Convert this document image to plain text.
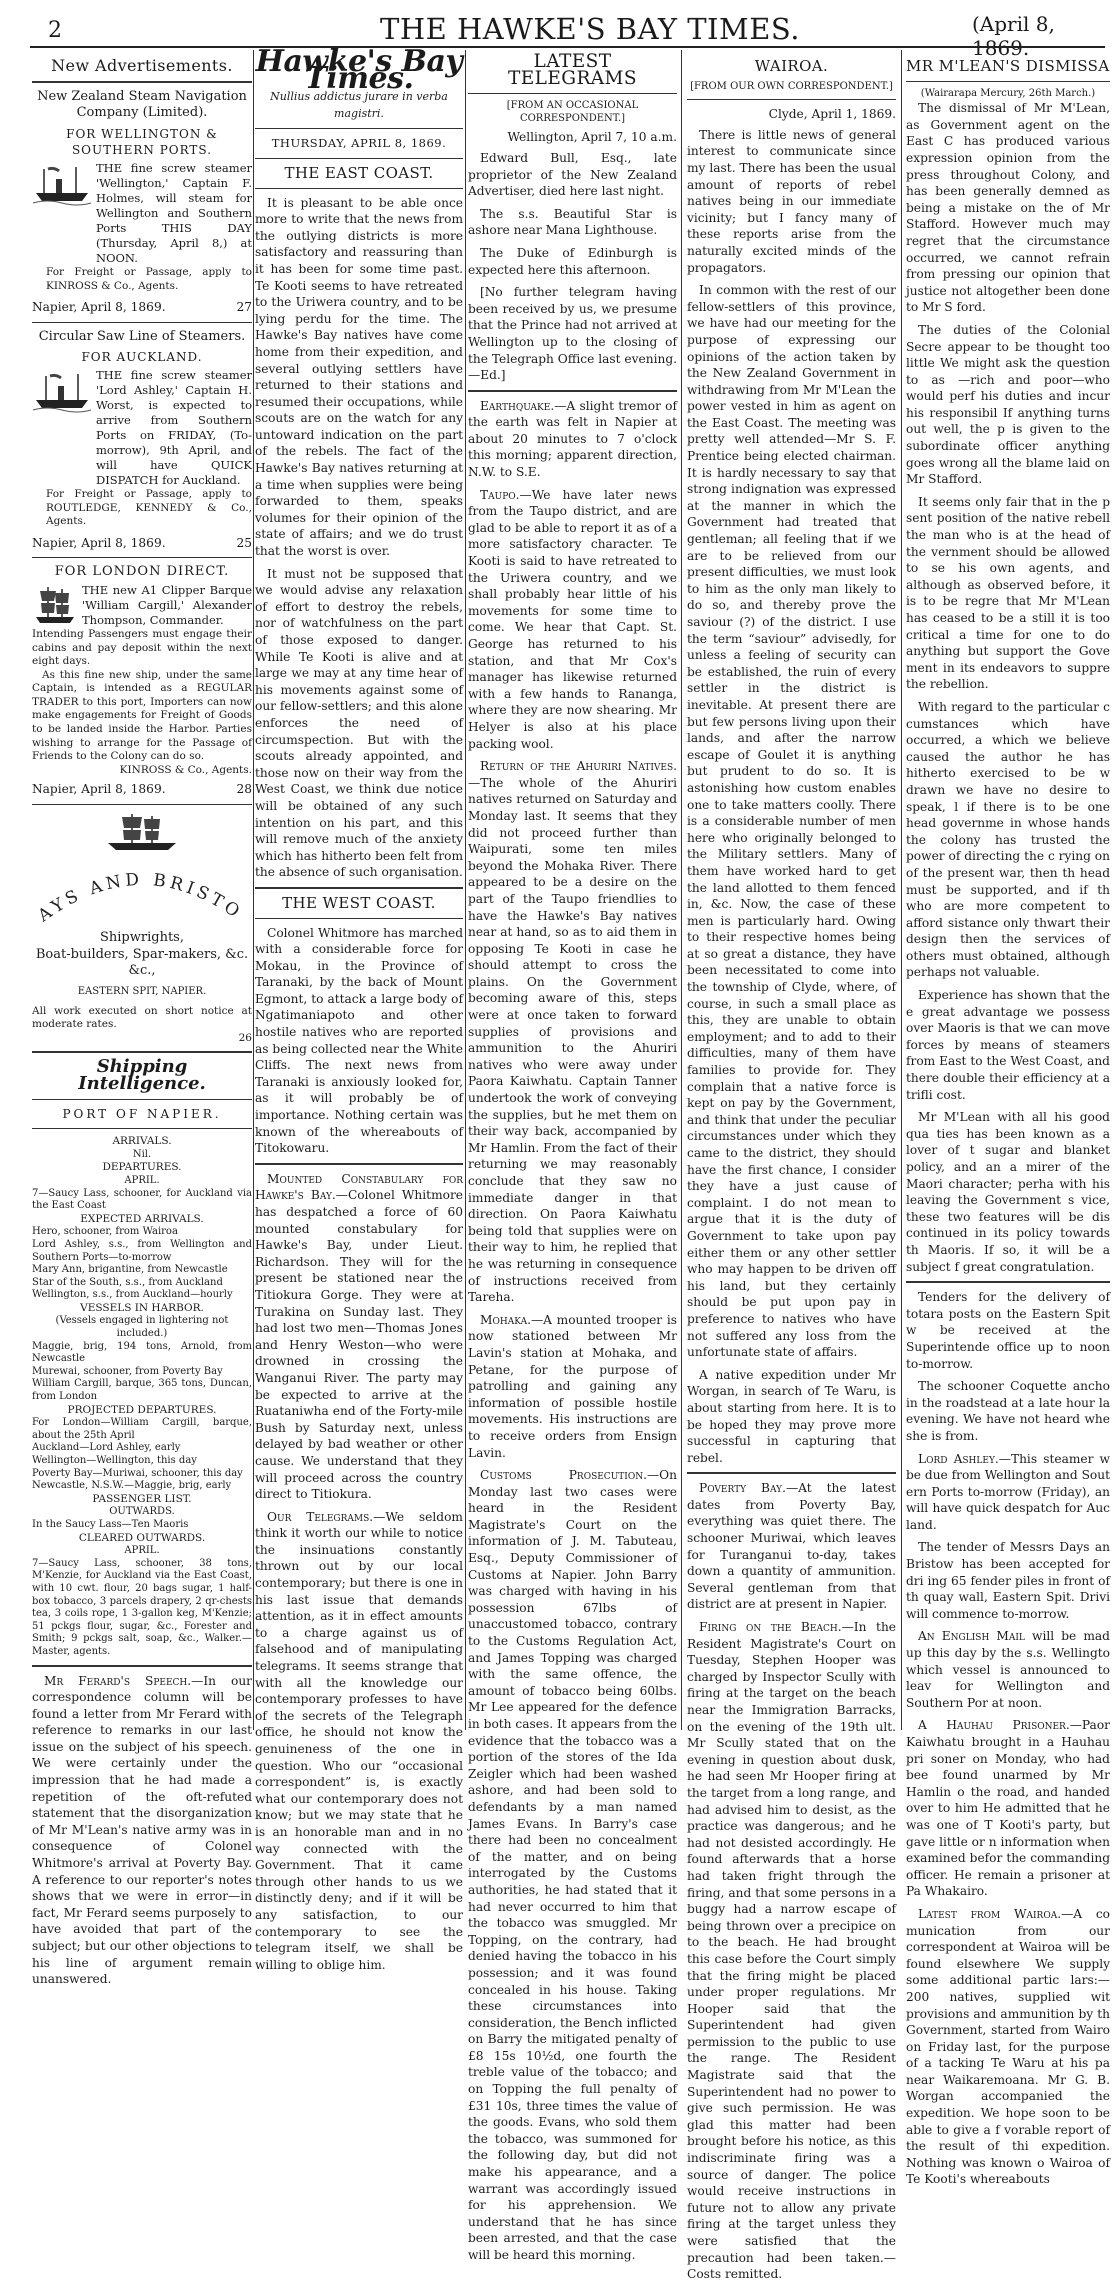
2	THE HAWKE'S BAY TIMES.	(April 8, 1869.
New Advertisements.
New Zealand Steam Navigation Company (Limited).
FOR WELLINGTON & SOUTHERN PORTS.
THE fine screw steamer 'Wellington,' Captain F. Holmes, will steam for Wellington and Southern Ports THIS DAY (Thursday, April 8,) at NOON.
For Freight or Passage, apply to KINROSS & Co., Agents.
Napier, April 8, 1869.	27
Circular Saw Line of Steamers.
FOR AUCKLAND.
THE fine screw steamer 'Lord Ashley,' Captain H. Worst, is expected to arrive from Southern Ports on FRIDAY, (To-morrow), 9th April, and will have QUICK DISPATCH for Auckland.
For Freight or Passage, apply to ROUTLEDGE, KENNEDY & Co., Agents.
Napier, April 8, 1869.	25
FOR LONDON DIRECT.
THE new A1 Clipper Barque 'William Cargill,' Alexander Thompson, Commander.
Intending Passengers must engage their cabins and pay deposit within the next eight days.
As this fine new ship, under the same Captain, is intended as a REGULAR TRADER to this port, Importers can now make engagements for Freight of Goods to be landed inside the Harbor. Parties wishing to arrange for the Passage of Friends to the Colony can do so.
KINROSS & Co., Agents.
Napier, April 8, 1869.	28
YS AND BRISTO
Shipwrights,
Boat-builders, Spar-makers, &c. &c.,
EASTERN SPIT, NAPIER.
All work executed on short notice at moderate rates.
26
Shipping Intelligence.
PORT OF NAPIER.
ARRIVALS.
Nil.
DEPARTURES.
APRIL.
7—Saucy Lass, schooner, for Auckland via the East Coast
EXPECTED ARRIVALS.
Hero, schooner, from Wairoa
Lord Ashley, s.s., from Wellington and Southern Ports—to-morrow
Mary Ann, brigantine, from Newcastle
Star of the South, s.s., from Auckland
Wellington, s.s., from Auckland—hourly
VESSELS IN HARBOR.
(Vessels engaged in lightering not included.)
Maggie, brig, 194 tons, Arnold, from Newcastle
Murewai, schooner, from Poverty Bay
William Cargill, barque, 365 tons, Duncan, from London
PROJECTED DEPARTURES.
For London—William Cargill, barque, about the 25th April
Auckland—Lord Ashley, early
Wellington—Wellington, this day
Poverty Bay—Muriwai, schooner, this day
Newcastle, N.S.W.—Maggie, brig, early
PASSENGER LIST.
OUTWARDS.
In the Saucy Lass—Ten Maoris
CLEARED OUTWARDS.
APRIL.
7—Saucy Lass, schooner, 38 tons, M'Kenzie, for Auckland via the East Coast, with 10 cwt. flour, 20 bags sugar, 1 half-box tobacco, 3 parcels drapery, 2 qr-chests tea, 3 coils rope, 1 3-gallon keg, M'Kenzie; 51 pckgs flour, sugar, &c., Forester and Smith; 9 pckgs salt, soap, &c., Walker.—Master, agents.

Mr Ferard's Speech.—In our correspondence column will be found a letter from Mr Ferard with reference to remarks in our last issue on the subject of his speech. We were certainly under the impression that he had made a repetition of the oft-refuted statement that the disorganization of Mr M'Lean's native army was in consequence of Colonel Whitmore's arrival at Poverty Bay. A reference to our reporter's notes shows that we were in error—in fact, Mr Ferard seems purposely to have avoided that part of the subject; but our other objections to his line of argument remain unanswered.

Hawke's Bay Times.
Nullius addictus jurare in verba magistri.
THURSDAY, APRIL 8, 1869.
THE EAST COAST.

It is pleasant to be able once more to write that the news from the outlying districts is more satisfactory and reassuring than it has been for some time past. Te Kooti seems to have retreated to the Uriwera country, and to be lying perdu for the time. The Hawke's Bay natives have come home from their expedition, and several outlying settlers have returned to their stations and resumed their occupations, while scouts are on the watch for any untoward indication on the part of the rebels. The fact of the Hawke's Bay natives returning at a time when supplies were being forwarded to them, speaks volumes for their opinion of the state of affairs; and we do trust that the worst is over.

It must not be supposed that we would advise any relaxation of effort to destroy the rebels, nor of watchfulness on the part of those exposed to danger. While Te Kooti is alive and at large we may at any time hear of his movements against some of our fellow-settlers; and this alone enforces the need of circumspection. But with the scouts already appointed, and those now on their way from the West Coast, we think due notice will be obtained of any such intention on his part, and this will remove much of the anxiety which has hitherto been felt from the absence of such organisation.

THE WEST COAST.

Colonel Whitmore has marched with a considerable force for Mokau, in the Province of Taranaki, by the back of Mount Egmont, to attack a large body of Ngatimaniapoto and other hostile natives who are reported as being collected near the White Cliffs. The next news from Taranaki is anxiously looked for, as it will probably be of importance. Nothing certain was known of the whereabouts of Titokowaru.

Mounted Constabulary for Hawke's Bay.—Colonel Whitmore has despatched a force of 60 mounted constabulary for Hawke's Bay, under Lieut. Richardson. They will for the present be stationed near the Titiokura Gorge. They were at Turakina on Sunday last. They had lost two men—Thomas Jones and Henry Weston—who were drowned in crossing the Wanganui River. The party may be expected to arrive at the Ruataniwha end of the Forty-mile Bush by Saturday next, unless delayed by bad weather or other cause. We understand that they will proceed across the country direct to Titiokura.

Our Telegrams.—We seldom think it worth our while to notice the insinuations constantly thrown out by our local contemporary; but there is one in his last issue that demands attention, as it in effect amounts to a charge against us of falsehood and of manipulating telegrams. It seems strange that with all the knowledge our contemporary professes to have of the secrets of the Telegraph office, he should not know the genuineness of the one in question. Who our “occasional correspondent” is, is exactly what our contemporary does not know; but we may state that he is an honorable man and in no way connected with the Government. That it came through other hands to us we distinctly deny; and if it will be any satisfaction, to our contemporary to see the telegram itself, we shall be willing to oblige him.

LATEST TELEGRAMS
[FROM AN OCCASIONAL CORRESPONDENT.]
Wellington, April 7, 10 a.m.

Edward Bull, Esq., late proprietor of the New Zealand Advertiser, died here last night.

The s.s. Beautiful Star is ashore near Mana Lighthouse.

The Duke of Edinburgh is expected here this afternoon.

[No further telegram having been received by us, we presume that the Prince had not arrived at Wellington up to the closing of the Telegraph Office last evening.—Ed.]

Earthquake.—A slight tremor of the earth was felt in Napier at about 20 minutes to 7 o'clock this morning; apparent direction, N.W. to S.E.

Taupo.—We have later news from the Taupo district, and are glad to be able to report it as of a more satisfactory character. Te Kooti is said to have retreated to the Uriwera country, and we shall probably hear little of his movements for some time to come. We hear that Capt. St. George has returned to his station, and that Mr Cox's manager has likewise returned with a few hands to Rananga, where they are now shearing. Mr Helyer is also at his place packing wool.

Return of the Ahuriri Natives.—The whole of the Ahuriri natives returned on Saturday and Monday last. It seems that they did not proceed further than Waipurati, some ten miles beyond the Mohaka River. There appeared to be a desire on the part of the Taupo friendlies to have the Hawke's Bay natives near at hand, so as to aid them in opposing Te Kooti in case he should attempt to cross the plains. On the Government becoming aware of this, steps were at once taken to forward supplies of provisions and ammunition to the Ahuriri natives who were away under Paora Kaiwhatu. Captain Tanner undertook the work of conveying the supplies, but he met them on their way back, accompanied by Mr Hamlin. From the fact of their returning we may reasonably conclude that they saw no immediate danger in that direction. On Paora Kaiwhatu being told that supplies were on their way to him, he replied that he was returning in consequence of instructions received from Tareha.

Mohaka.—A mounted trooper is now stationed between Mr Lavin's station at Mohaka, and Petane, for the purpose of patrolling and gaining any information of possible hostile movements. His instructions are to receive orders from Ensign Lavin.

Customs Prosecution.—On Monday last two cases were heard in the Resident Magistrate's Court on the information of J. M. Tabuteau, Esq., Deputy Commissioner of Customs at Napier. John Barry was charged with having in his possession 67lbs of unaccustomed tobacco, contrary to the Customs Regulation Act, and James Topping was charged with the same offence, the amount of tobacco being 60lbs. Mr Lee appeared for the defence in both cases. It appears from the evidence that the tobacco was a portion of the stores of the Ida Zeigler which had been washed ashore, and had been sold to defendants by a man named James Evans. In Barry's case there had been no concealment of the matter, and on being interrogated by the Customs authorities, he had stated that it had never occurred to him that the tobacco was smuggled. Mr Topping, on the contrary, had denied having the tobacco in his possession; and it was found concealed in his house. Taking these circumstances into consideration, the Bench inflicted on Barry the mitigated penalty of £8 15s 10½d, one fourth the treble value of the tobacco; and on Topping the full penalty of £31 10s, three times the value of the goods. Evans, who sold them the tobacco, was summoned for the following day, but did not make his appearance, and a warrant was accordingly issued for his apprehension. We understand that he has since been arrested, and that the case will be heard this morning.

WAIROA.
[FROM OUR OWN CORRESPONDENT.]
Clyde, April 1, 1869.

There is little news of general interest to communicate since my last. There has been the usual amount of reports of rebel natives being in our immediate vicinity; but I fancy many of these reports arise from the naturally excited minds of the propagators.

In common with the rest of our fellow-settlers of this province, we have had our meeting for the purpose of expressing our opinions of the action taken by the New Zealand Government in withdrawing from Mr M'Lean the power vested in him as agent on the East Coast. The meeting was pretty well attended—Mr S. F. Prentice being elected chairman. It is hardly necessary to say that strong indignation was expressed at the manner in which the Government had treated that gentleman; all feeling that if we are to be relieved from our present difficulties, we must look to him as the only man likely to do so, and thereby prove the saviour (?) of the district. I use the term “saviour” advisedly, for unless a feeling of security can be established, the ruin of every settler in the district is inevitable. At present there are but few persons living upon their lands, and after the narrow escape of Goulet it is anything but prudent to do so. It is astonishing how custom enables one to take matters coolly. There is a considerable number of men here who originally belonged to the Military settlers. Many of them have worked hard to get the land allotted to them fenced in, &c. Now, the case of these men is particularly hard. Owing to their respective homes being at so great a distance, they have been necessitated to come into the township of Clyde, where, of course, in such a small place as this, they are unable to obtain employment; and to add to their difficulties, many of them have families to provide for. They complain that a native force is kept on pay by the Government, and think that under the peculiar circumstances under which they came to the district, they should have the first chance, I consider they have a just cause of complaint. I do not mean to argue that it is the duty of Government to take upon pay either them or any other settler who may happen to be driven off his land, but they certainly should be put upon pay in preference to natives who have not suffered any loss from the unfortunate state of affairs.

A native expedition under Mr Worgan, in search of Te Waru, is about starting from here. It is to be hoped they may prove more successful in capturing that rebel.

Poverty Bay.—At the latest dates from Poverty Bay, everything was quiet there. The schooner Muriwai, which leaves for Turanganui to-day, takes down a quantity of ammunition. Several gentleman from that district are at present in Napier.

Firing on the Beach.—In the Resident Magistrate's Court on Tuesday, Stephen Hooper was charged by Inspector Scully with firing at the target on the beach near the Immigration Barracks, on the evening of the 19th ult. Mr Scully stated that on the evening in question about dusk, he had seen Mr Hooper firing at the target from a long range, and had advised him to desist, as the practice was dangerous; and he had not desisted accordingly. He found afterwards that a horse had taken fright through the firing, and that some persons in a buggy had a narrow escape of being thrown over a precipice on to the beach. He had brought this case before the Court simply that the firing might be placed under proper regulations. Mr Hooper said that the Superintendent had given permission to the public to use the range. The Resident Magistrate said that the Superintendent had no power to give such permission. He was glad this matter had been brought before his notice, as this indiscriminate firing was a source of danger. The police would receive instructions in future not to allow any private firing at the target unless they were satisfied that the precaution had been taken.—Costs remitted.

MR M'LEAN'S DISMISSA
(Wairarapa Mercury, 26th March.)

The dismissal of Mr M'Lean, as Government agent on the East C has produced various expression opinion from the press throughout Colony, and has been generally demned as being a mistake on the of Mr Stafford. However much may regret that the circumstance occurred, we cannot refrain from pressing our opinion that justice not altogether been done to Mr S ford.

The duties of the Colonial Secre appear to be thought too little We might ask the question to as —rich and poor—who would perf his duties and incur his responsibil If anything turns out well, the p is given to the subordinate officer anything goes wrong all the blame laid on Mr Stafford.

It seems only fair that in the p sent position of the native rebell the man who is at the head of the vernment should be allowed to se his own agents, and although as observed before, it is to be regre that Mr M'Lean has ceased to be a still it is too critical a time for one to do anything but support the Gove ment in its endeavors to suppre the rebellion.

With regard to the particular c cumstances which have occurred, a which we believe caused the author he has hitherto exercised to be w drawn we have no desire to speak, l if there is to be one head governme in whose hands the colony has trusted the power of directing the c rying on of the present war, then th head must be supported, and if th who are more competent to afford sistance only thwart their design then the services of others must obtained, although perhaps not valuable.

Experience has shown that the e great advantage we possess over Maoris is that we can move forces by means of steamers from East to the West Coast, and there double their efficiency at a trifli cost.

Mr M'Lean with all his good qua ties has been known as a lover of t sugar and blanket policy, and an a mirer of the Maori character; perha with his leaving the Government s vice, these two features will be dis continued in its policy towards th Maoris. If so, it will be a subject f great congratulation.

Tenders for the delivery of totara posts on the Eastern Spit w be received at the Superintende office up to noon to-morrow.

The schooner Coquette ancho in the roadstead at a late hour la evening. We have not heard whe she is from.

Lord Ashley.—This steamer w be due from Wellington and Sout ern Ports to-morrow (Friday), an will have quick despatch for Auc land.

The tender of Messrs Days an Bristow has been accepted for dri ing 65 fender piles in front of th quay wall, Eastern Spit. Drivi will commence to-morrow.

An English Mail will be mad up this day by the s.s. Wellingto which vessel is announced to leav for Wellington and Southern Por at noon.

A Hauhau Prisoner.—Paor Kaiwhatu brought in a Hauhau pri soner on Monday, who had bee found unarmed by Mr Hamlin o the road, and handed over to him He admitted that he was one of T Kooti's party, but gave little or n information when examined befor the commanding officer. He remain a prisoner at Pa Whakairo.

Latest from Wairoa.—A co munication from our correspondent at Wairoa will be found elsewhere We supply some additional partic lars:—200 natives, supplied wit provisions and ammunition by th Government, started from Wairo on Friday last, for the purpose of a tacking Te Waru at his pa near Waikaremoana. Mr G. B. Worgan accompanied the expedition. We hope soon to be able to give a f vorable report of the result of thi expedition. Nothing was known o Wairoa of Te Kooti's whereabouts
